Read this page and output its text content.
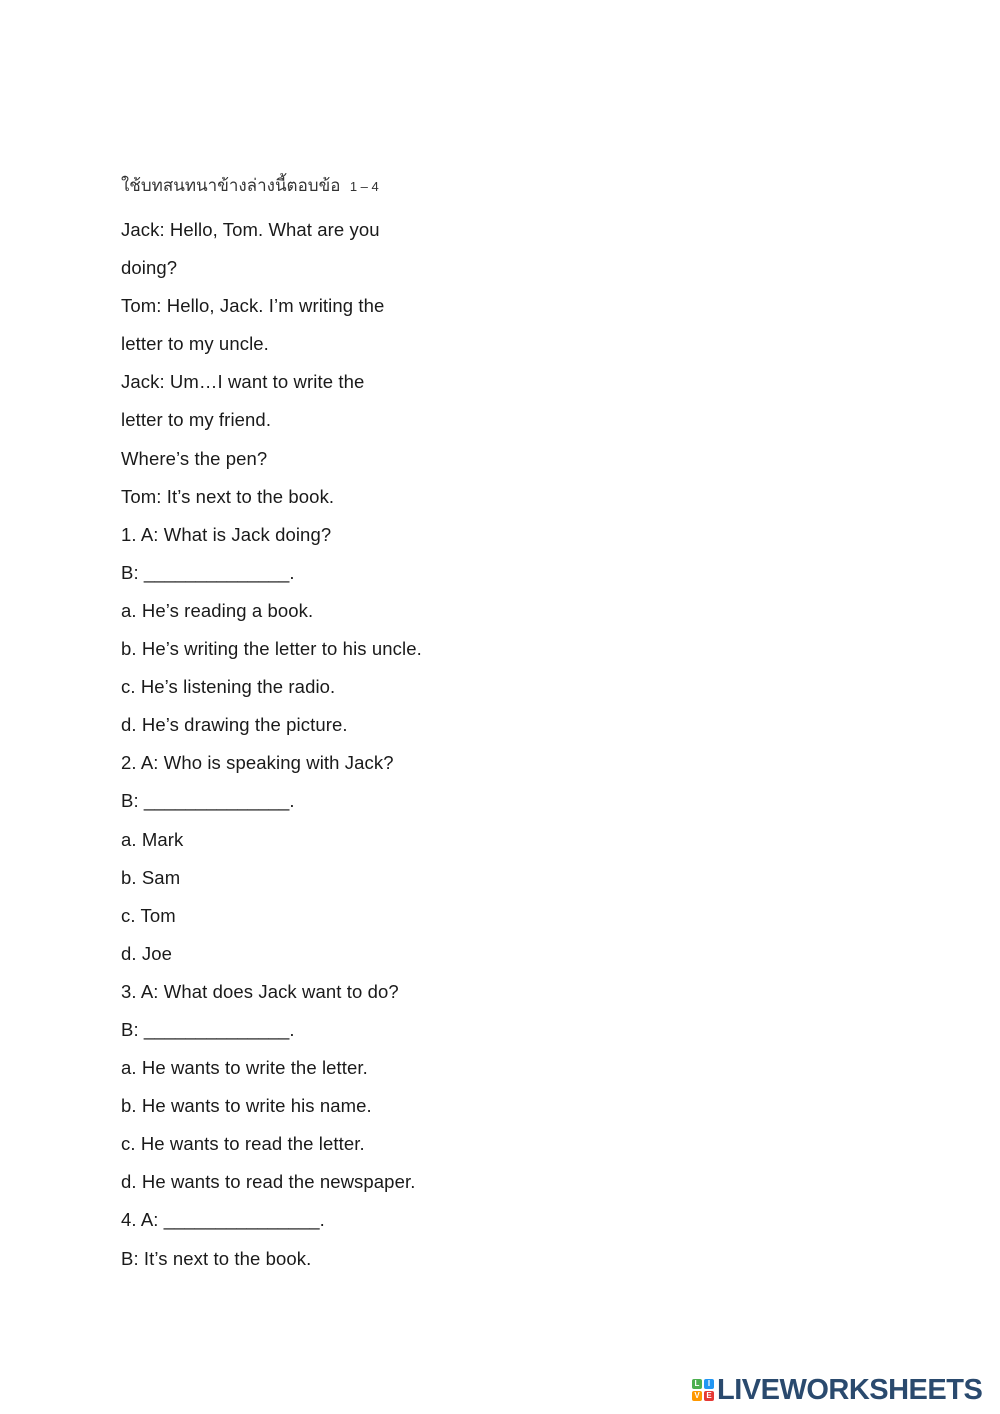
ใช้บทสนทนาข้างล่างนี้ตอบข้อ 1 – 4
Jack: Hello, Tom. What are you
doing?
Tom: Hello, Jack. I’m writing the
letter to my uncle.
Jack: Um…I want to write the
letter to my friend.
Where’s the pen?
Tom: It’s next to the book.
1. A: What is Jack doing?
B: ______________.
a. He’s reading a book.
b. He’s writing the letter to his uncle.
c. He’s listening the radio.
d. He’s drawing the picture.
2. A: Who is speaking with Jack?
B: ______________.
a. Mark
b. Sam
c. Tom
d. Joe
3. A: What does Jack want to do?
B: ______________.
a. He wants to write the letter.
b. He wants to write his name.
c. He wants to read the letter.
d. He wants to read the newspaper.
4. A: _______________.
B: It’s next to the book.
L	I
V E LIVEWORKSHEETS
